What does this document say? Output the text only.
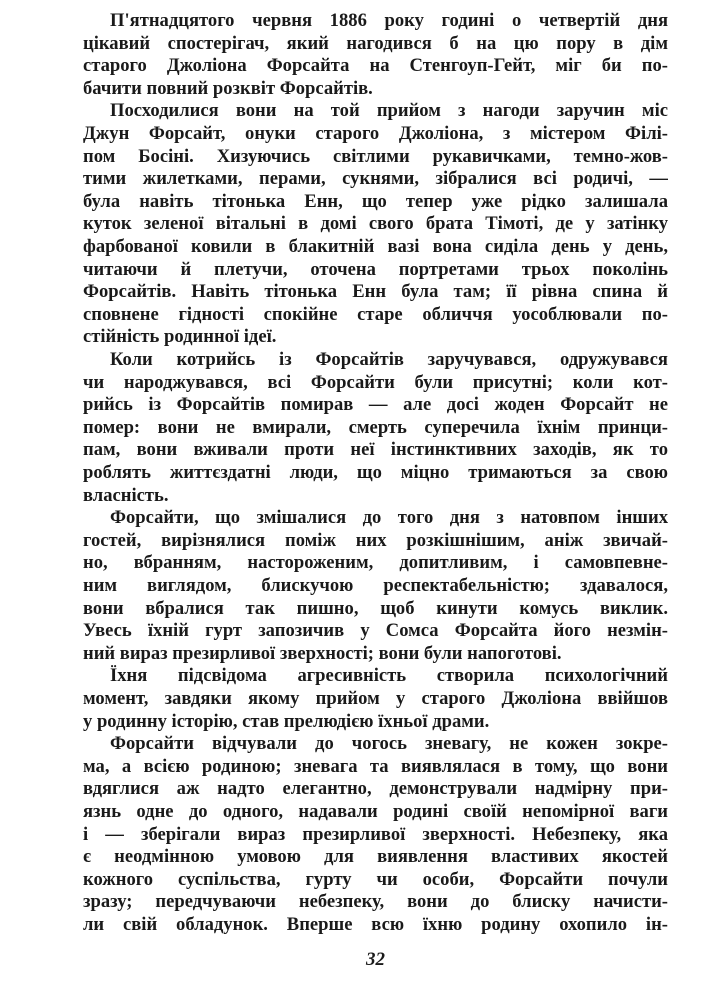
П'ятнадцятого червня 1886 року годині о четвертій дня
цікавий спостерігач, який нагодився б на цю пору в дім
старого Джоліона Форсайта на Стенгоуп-Гейт, міг би по-
бачити повний розквіт Форсайтів.
Посходилися вони на той прийом з нагоди заручин міс
Джун Форсайт, онуки старого Джоліона, з містером Філі-
пом Босіні. Хизуючись світлими рукавичками, темно-жов-
тими жилетками, перами, сукнями, зібралися всі родичі, —
була навіть тітонька Енн, що тепер уже рідко залишала
куток зеленої вітальні в домі свого брата Тімоті, де у затінку
фарбованої ковили в блакитній вазі вона сиділа день у день,
читаючи й плетучи, оточена портретами трьох поколінь
Форсайтів. Навіть тітонька Енн була там; її рівна спина й
сповнене гідності спокійне старе обличчя уособлювали по-
стійність родинної ідеї.
Коли котрийсь із Форсайтів заручувався, одружувався
чи народжувався, всі Форсайти були присутні; коли кот-
рийсь із Форсайтів помирав — але досі жоден Форсайт не
помер: вони не вмирали, смерть суперечила їхнім принци-
пам, вони вживали проти неї інстинктивних заходів, як то
роблять життєздатні люди, що міцно тримаються за свою
власність.
Форсайти, що змішалися до того дня з натовпом інших
гостей, вирізнялися поміж них розкішнішим, аніж звичай-
но, вбранням, настороженим, допитливим, і самовпевне-
ним виглядом, блискучою респектабельністю; здавалося,
вони вбралися так пишно, щоб кинути комусь виклик.
Увесь їхній гурт запозичив у Сомса Форсайта його незмін-
ний вираз презирливої зверхності; вони були напоготові.
Їхня підсвідома агресивність створила психологічний
момент, завдяки якому прийом у старого Джоліона ввійшов
у родинну історію, став прелюдією їхньої драми.
Форсайти відчували до чогось зневагу, не кожен зокре-
ма, а всією родиною; зневага та виявлялася в тому, що вони
вдяглися аж надто елегантно, демонстрували надмірну при-
язнь одне до одного, надавали родині своїй непомірної ваги
і — зберігали вираз презирливої зверхності. Небезпеку, яка
є неодмінною умовою для виявлення властивих якостей
кожного суспільства, гурту чи особи, Форсайти почули
зразу; передчуваючи небезпеку, вони до блиску начисти-
ли свій обладунок. Вперше всю їхню родину охопило ін-
32
